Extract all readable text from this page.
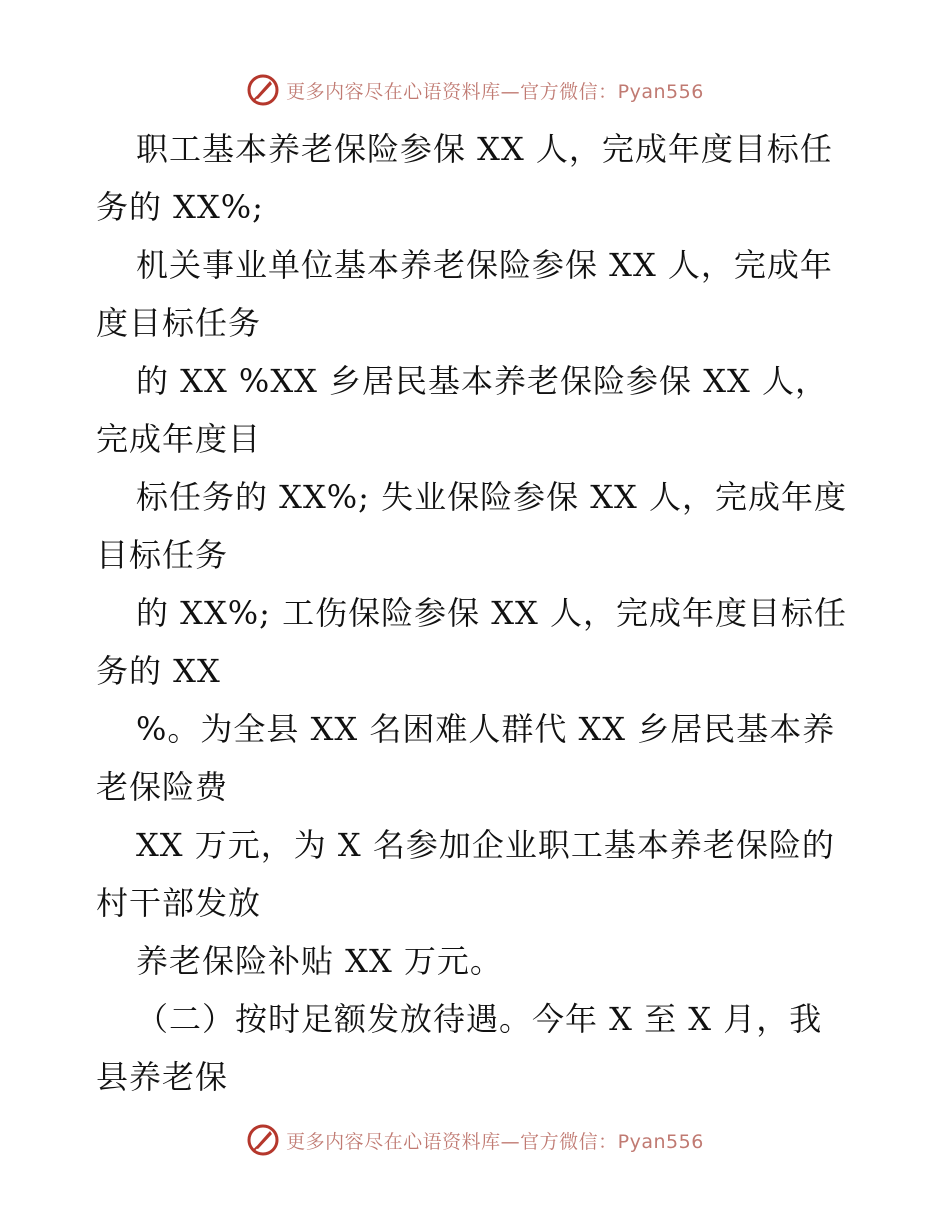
更多内容尽在心语资料库—官方微信：Pyan556
职工基本养老保险参保 XX 人，完成年度目标任
务的 XX%;
机关事业单位基本养老保险参保 XX 人，完成年
度目标任务
的 XX %XX 乡居民基本养老保险参保 XX 人，
完成年度目
标任务的 XX%; 失业保险参保 XX 人，完成年度
目标任务
的 XX%; 工伤保险参保 XX 人，完成年度目标任
务的 XX
%。为全县 XX 名困难人群代 XX 乡居民基本养
老保险费
XX 万元，为 X 名参加企业职工基本养老保险的
村干部发放
养老保险补贴 XX 万元。
（二）按时足额发放待遇。今年 X 至 X 月，我
县养老保
更多内容尽在心语资料库—官方微信：Pyan556
